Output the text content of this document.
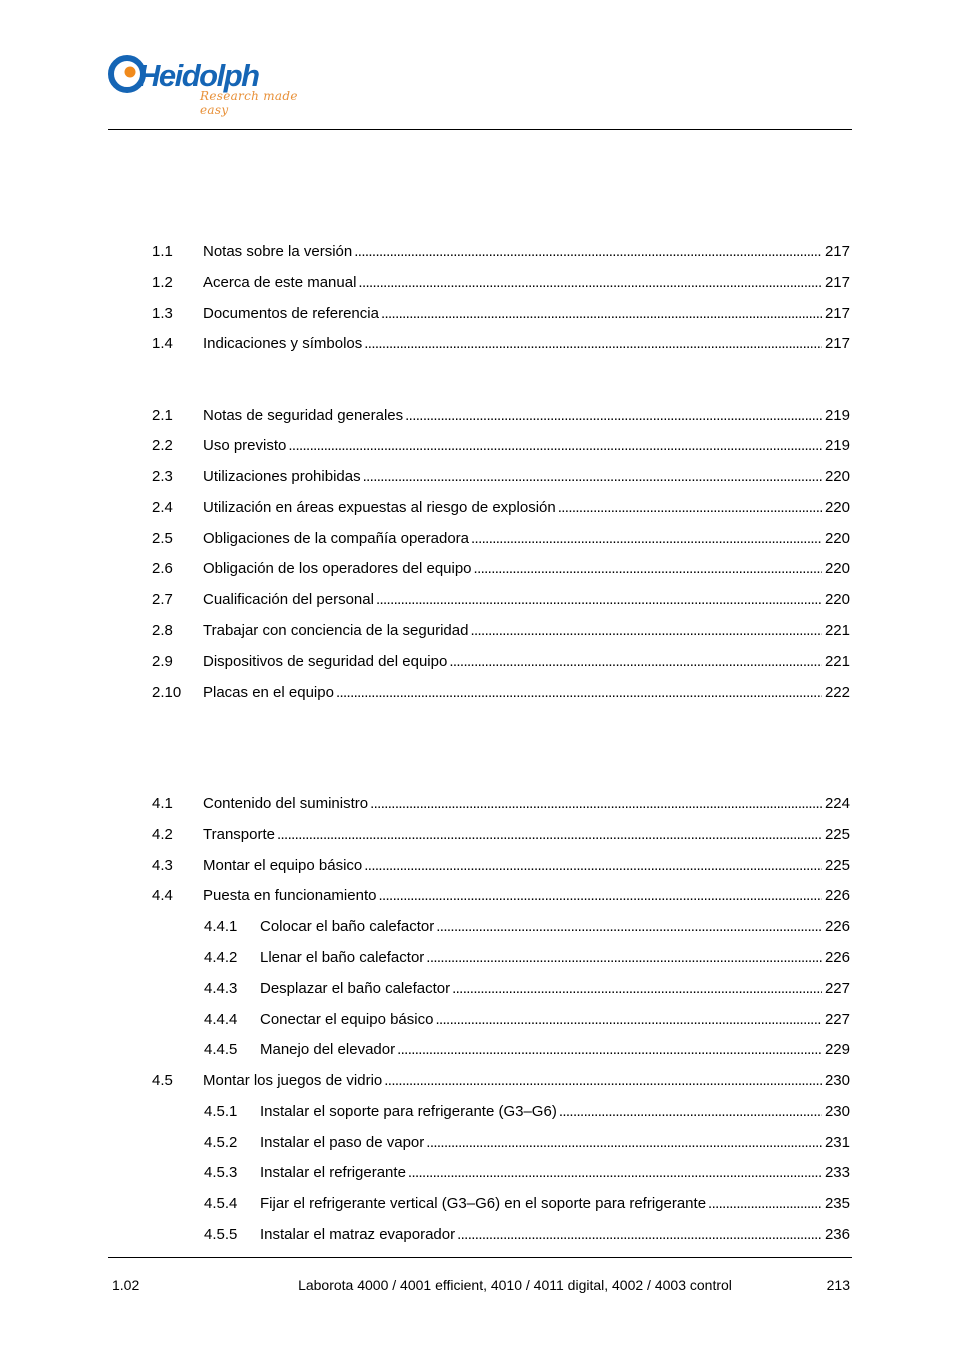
Heidolph
Research made easy
1.1	Notas sobre la versión . . .	217
1.2	Acerca de este manual . . .	217
1.3	Documentos de referencia . . .	217
1.4	Indicaciones y símbolos . . .	217
2.1	Notas de seguridad generales . . .	219
2.2	Uso previsto . . .	219
2.3	Utilizaciones prohibidas . . .	220
2.4	Utilización en áreas expuestas al riesgo de explosión . . .	220
2.5	Obligaciones de la compañía operadora . . .	220
2.6	Obligación de los operadores del equipo . . .	220
2.7	Cualificación del personal . . .	220
2.8	Trabajar con conciencia de la seguridad . . .	221
2.9	Dispositivos de seguridad del equipo . . .	221
2.10	Placas en el equipo . . .	222
4.1	Contenido del suministro . . .	224
4.2	Transporte . . .	225
4.3	Montar el equipo básico . . .	225
4.4	Puesta en funcionamiento . . .	226
4.4.1	Colocar el baño calefactor . . .	226
4.4.2	Llenar el baño calefactor . . .	226
4.4.3	Desplazar el baño calefactor . . .	227
4.4.4	Conectar el equipo básico . . .	227
4.4.5	Manejo del elevador . . .	229
4.5	Montar los juegos de vidrio . . .	230
4.5.1	Instalar el soporte para refrigerante (G3–G6) . . .	230
4.5.2	Instalar el paso de vapor . . .	231
4.5.3	Instalar el refrigerante . . .	233
4.5.4	Fijar el refrigerante vertical (G3–G6) en el soporte para refrigerante . . .	235
4.5.5	Instalar el matraz evaporador . . .	236
1.02	Laborota 4000 / 4001 efficient, 4010 / 4011 digital, 4002 / 4003 control	213
